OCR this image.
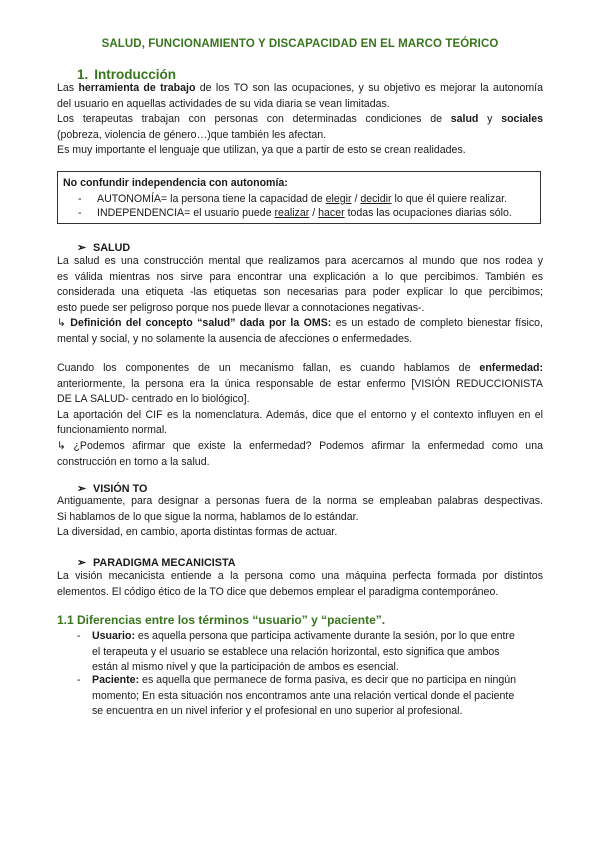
SALUD, FUNCIONAMIENTO Y DISCAPACIDAD EN EL MARCO TEÓRICO
1. Introducción
Las herramienta de trabajo de los TO son las ocupaciones, y su objetivo es mejorar la autonomía
del usuario en aquellas actividades de su vida diaria se vean limitadas.
Los terapeutas trabajan con personas con determinadas condiciones de salud y sociales
(pobreza, violencia de género…)que también les afectan.
Es muy importante el lenguaje que utilizan, ya que a partir de esto se crean realidades.
No confundir independencia con autonomía:
- AUTONOMÍA= la persona tiene la capacidad de elegir / decidir lo que él quiere realizar.
- INDEPENDENCIA= el usuario puede realizar / hacer todas las ocupaciones diarias sólo.
➢ SALUD
La salud es una construcción mental que realizamos para acercarnos al mundo que nos rodea y
es válida mientras nos sirve para encontrar una explicación a lo que percibimos. También es
considerada una etiqueta -las etiquetas son necesarias para poder explicar lo que percibimos;
esto puede ser peligroso porque nos puede llevar a connotaciones negativas-.
↳ Definición del concepto “salud” dada por la OMS: es un estado de completo bienestar físico,
mental y social, y no solamente la ausencia de afecciones o enfermedades.
Cuando los componentes de un mecanismo fallan, es cuando hablamos de enfermedad:
anteriormente, la persona era la única responsable de estar enfermo [VISIÓN REDUCCIONISTA
DE LA SALUD- centrado en lo biológico].
La aportación del CIF es la nomenclatura. Además, dice que el entorno y el contexto influyen en el
funcionamiento normal.
↳ ¿Podemos afirmar que existe la enfermedad? Podemos afirmar la enfermedad como una
construcción en torno a la salud.
➢ VISIÓN TO
Antiguamente, para designar a personas fuera de la norma se empleaban palabras despectivas.
Si hablamos de lo que sigue la norma, hablamos de lo estándar.
La diversidad, en cambio, aporta distintas formas de actuar.
➢ PARADIGMA MECANICISTA
La visión mecanicista entiende a la persona como una máquina perfecta formada por distintos
elementos. El código ético de la TO dice que debemos emplear el paradigma contemporáneo.
1.1 Diferencias entre los términos “usuario” y “paciente”.
- Usuario: es aquella persona que participa activamente durante la sesión, por lo que entre
el terapeuta y el usuario se establece una relación horizontal, esto significa que ambos
están al mismo nivel y que la participación de ambos es esencial.
- Paciente: es aquella que permanece de forma pasiva, es decir que no participa en ningún
momento; En esta situación nos encontramos ante una relación vertical donde el paciente
se encuentra en un nivel inferior y el profesional en uno superior al profesional.
